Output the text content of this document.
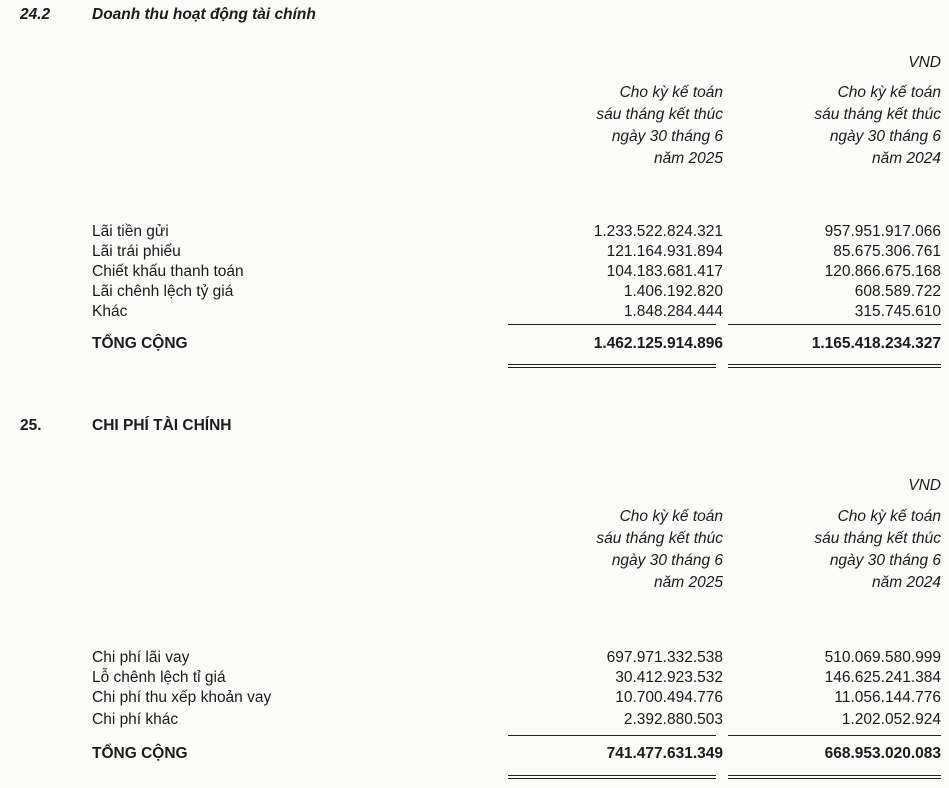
24.2	Doanh thu hoạt động tài chính
VND
Cho kỳ kế toán
sáu tháng kết thúc
ngày 30 tháng 6
năm 2025
Cho kỳ kế toán
sáu tháng kết thúc
ngày 30 tháng 6
năm 2024
Lãi tiền gửi	1.233.522.824.321	957.951.917.066
Lãi trái phiếu	121.164.931.894	85.675.306.761
Chiết khấu thanh toán	104.183.681.417	120.866.675.168
Lãi chênh lệch tỷ giá	1.406.192.820	608.589.722
Khác	1.848.284.444	315.745.610
TỔNG CỘNG	1.462.125.914.896	1.165.418.234.327
25.	CHI PHÍ TÀI CHÍNH
VND
Cho kỳ kế toán
sáu tháng kết thúc
ngày 30 tháng 6
năm 2025
Cho kỳ kế toán
sáu tháng kết thúc
ngày 30 tháng 6
năm 2024
Chi phí lãi vay	697.971.332.538	510.069.580.999
Lỗ chênh lệch tỉ giá	30.412.923.532	146.625.241.384
Chi phí thu xếp khoản vay	10.700.494.776	11.056.144.776
Chi phí khác	2.392.880.503	1.202.052.924
TỔNG CỘNG	741.477.631.349	668.953.020.083
